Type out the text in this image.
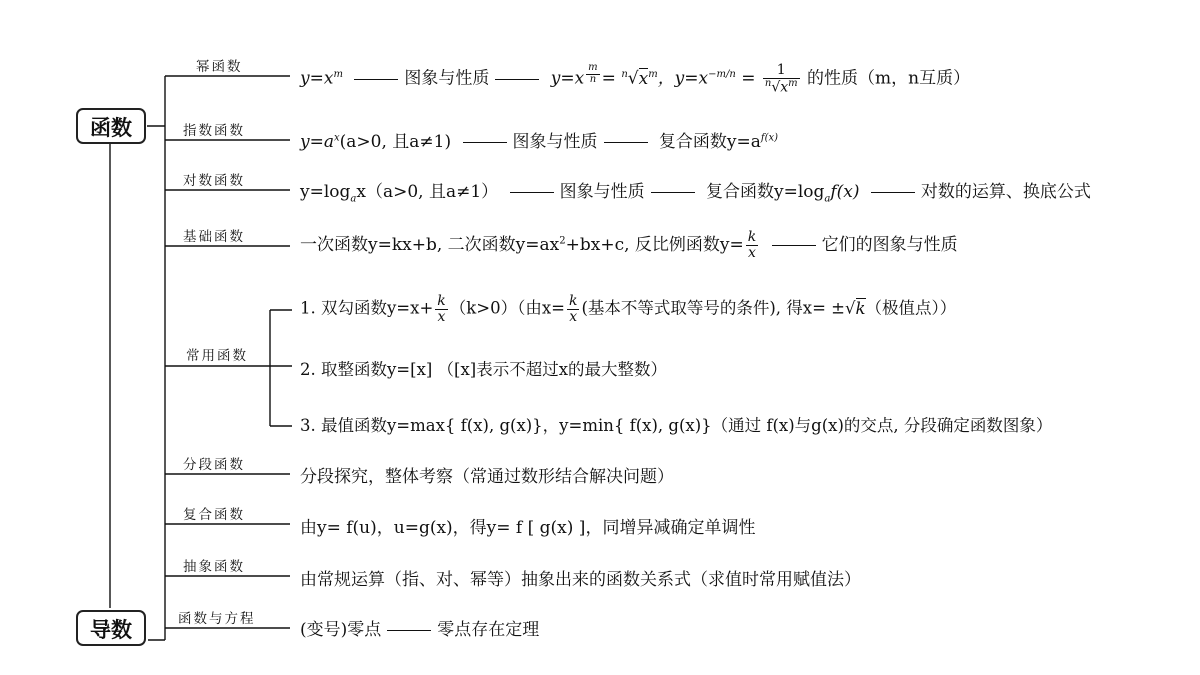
函数
导数
幂函数
指数函数
对数函数
基础函数
常用函数
分段函数
复合函数
抽象函数
函数与方程
$y=x^m$	图象与性质	y=x $^{\frac{m}{n}} = ^n√x^m$，$y=x^{-m/n} = \frac{1}{^n√x^m}$ 的性质（m，n互质）
$y=a^x(a>0$, 且a≠1)	图象与性质	复合函数$y=a^{f(x)}$
$y=\log_ax(a>0$, 且a≠1）	图象与性质	复合函数$y=\log_af(x)$	对数的运算、换底公式
一次函数y=kx+b, 二次函数$y=ax^2+bx+c$, 反比例函数$y= \frac{k}{x}$	它们的图象与性质
1. 双勾函数$y=x+ \frac{k}{x} (k>0)$（由$x= \frac{k}{x}$ (基本不等式取等号的条件), 得x= ±√k（极值点））
2. 取整函数y=[x] （[x]表示不超过x的最大整数）
3. 最值函数y=max{ f(x), g(x)}，y=min{ f(x), g(x)}（通过 f(x)与g(x)的交点, 分段确定函数图象）
分段探究，整体考察（常通过数形结合解决问题）
由y= f(u)，u=g(x)，得y= f [ g(x) ]，同增异减确定单调性
由常规运算（指、对、幂等）抽象出来的函数关系式（求值时常用赋值法）
(变号)零点	零点存在定理
